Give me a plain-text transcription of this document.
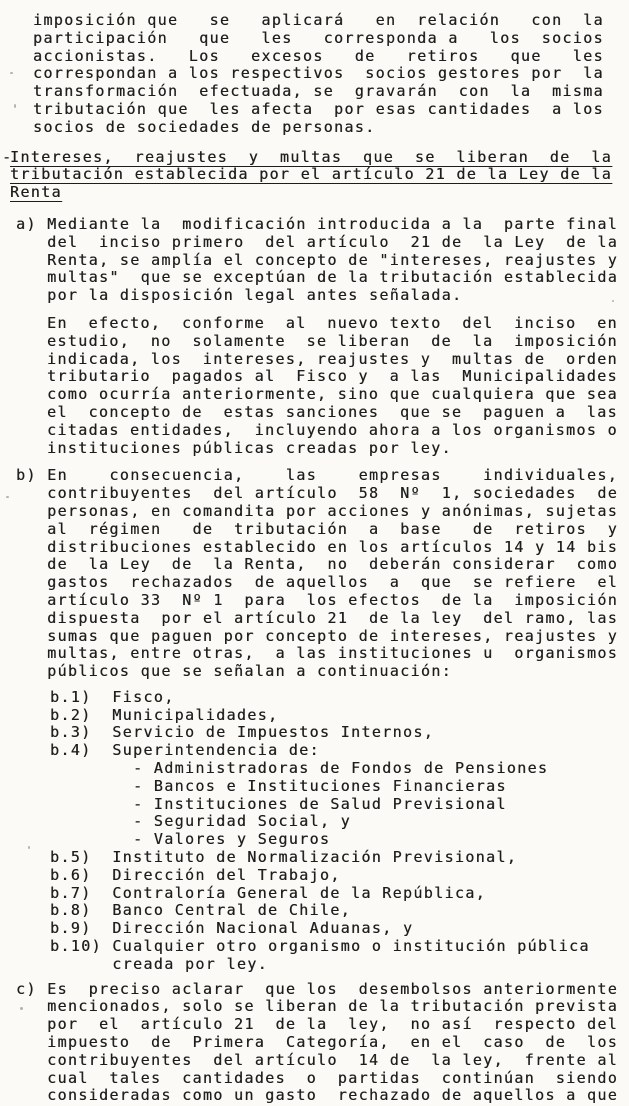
imposición que   se   aplicará   en  relación   con  la
participación   que   les   corresponda a   los  socios
accionistas.   Los   excesos   de   retiros   que   les
correspondan a los respectivos  socios gestores por  la
transformación  efectuada, se  gravarán  con  la  misma
tributación que  les afecta  por esas cantidades  a los
socios de sociedades de personas.
-
Intereses,  reajustes  y  multas  que  se  liberan  de  la
tributación establecida por el artículo 21 de la Ley de la
Renta
a) Mediante la  modificación introducida a la  parte final
del  inciso primero  del artículo  21 de  la Ley  de la
Renta, se amplía el concepto de "intereses, reajustes y
multas"  que se exceptúan de la tributación establecida
por la disposición legal antes señalada.
En  efecto,  conforme  al  nuevo texto  del  inciso  en
estudio,  no  solamente  se liberan  de  la  imposición
indicada, los  intereses, reajustes y  multas de  orden
tributario  pagados al  Fisco y  a las  Municipalidades
como ocurría anteriormente, sino que cualquiera que sea
el  concepto de  estas sanciones  que se  paguen a  las
citadas entidades,  incluyendo ahora a los organismos o
instituciones públicas creadas por ley.
b) En    consecuencia,    las    empresas    individuales,
contribuyentes  del artículo  58  Nº  1, sociedades  de
personas, en comandita por acciones y anónimas, sujetas
al  régimen   de  tributación  a  base   de  retiros  y
distribuciones establecido en los artículos 14 y 14 bis
de  la Ley  de  la Renta,  no  deberán considerar  como
gastos  rechazados  de aquellos  a  que  se refiere  el
artículo 33  Nº 1  para  los efectos  de la  imposición
dispuesta  por el artículo 21  de la ley  del ramo, las
sumas que paguen por concepto de intereses, reajustes y
multas, entre otras,  a las instituciones u  organismos
públicos que se señalan a continuación:
b.1)  Fisco,
b.2)  Municipalidades,
b.3)  Servicio de Impuestos Internos,
b.4)  Superintendencia de:
- Administradoras de Fondos de Pensiones
- Bancos e Instituciones Financieras
- Instituciones de Salud Previsional
- Seguridad Social, y
- Valores y Seguros
b.5)  Instituto de Normalización Previsional,
b.6)  Dirección del Trabajo,
b.7)  Contraloría General de la República,
b.8)  Banco Central de Chile,
b.9)  Dirección Nacional Aduanas, y
b.10) Cualquier otro organismo o institución pública
creada por ley.
c) Es  preciso aclarar  que los  desembolsos anteriormente
mencionados, solo se liberan de la tributación prevista
por  el  artículo 21  de la  ley,  no así  respecto del
impuesto  de  Primera  Categoría,  en el  caso  de  los
contribuyentes  del artículo  14 de  la ley,  frente al
cual  tales  cantidades  o  partidas  continúan  siendo
consideradas como un gasto  rechazado de aquellos a que
